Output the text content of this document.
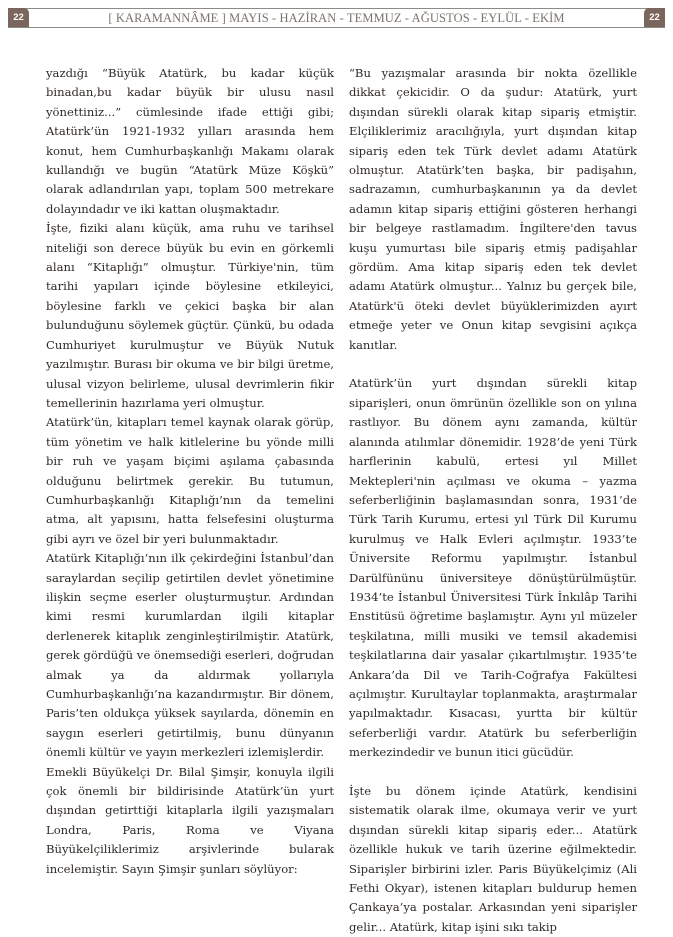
22	[ KARAMANNÂME ] MAYIS - HAZİRAN - TEMMUZ - AĞUSTOS - EYLÜL - EKİM	22

yazdığı “Büyük Atatürk, bu kadar küçük binadan,bu kadar büyük bir ulusu nasıl yönettiniz...” cümlesinde ifade ettiği gibi; Atatürk’ün 1921-1932 yılları arasında hem konut, hem Cumhurbaşkanlığı Makamı olarak kullandığı ve bugün “Atatürk Müze Köşkü” olarak adlandırılan yapı, toplam 500 metrekare dolayındadır ve iki kattan oluşmaktadır.

İşte, fiziki alanı küçük, ama ruhu ve tarihsel niteliği son derece büyük bu evin en görkemli alanı “Kitaplığı” olmuştur. Türkiye'nin, tüm tarihi yapıları içinde böylesine etkileyici, böylesine farklı ve çekici başka bir alan bulunduğunu söylemek güçtür. Çünkü, bu odada Cumhuriyet kurulmuştur ve Büyük Nutuk yazılmıştır. Burası bir okuma ve bir bilgi üretme, ulusal vizyon belirleme, ulusal devrimlerin fikir temellerinin hazırlama yeri olmuştur.

Atatürk’ün, kitapları temel kaynak olarak görüp, tüm yönetim ve halk kitlelerine bu yönde milli bir ruh ve yaşam biçimi aşılama çabasında olduğunu belirtmek gerekir. Bu tutumun, Cumhurbaşkanlığı Kitaplığı’nın da temelini atma, alt yapısını, hatta felsefesini oluşturma gibi ayrı ve özel bir yeri bulunmaktadır.

Atatürk Kitaplığı’nın ilk çekirdeğini İstanbul’dan saraylardan seçilip getirtilen devlet yönetimine ilişkin seçme eserler oluşturmuştur. Ardından kimi resmi kurumlardan ilgili kitaplar derlenerek kitaplık zenginleştirilmiştir. Atatürk, gerek gördüğü ve önemsediği eserleri, doğrudan almak ya da aldırmak yollarıyla Cumhurbaşkanlığı’na kazandırmıştır. Bir dönem, Paris’ten oldukça yüksek sayılarda, dönemin en saygın eserleri getirtilmiş, bunu dünyanın önemli kültür ve yayın merkezleri izlemişlerdir.

Emekli Büyükelçi Dr. Bilal Şimşir, konuyla ilgili çok önemli bir bildirisinde Atatürk’ün yurt dışından getirttiği kitaplarla ilgili yazışmaları Londra, Paris, Roma ve Viyana Büyükelçiliklerimiz arşivlerinde bularak incelemiştir. Sayın Şimşir şunları söylüyor:

“Bu yazışmalar arasında bir nokta özellikle dikkat çekicidir. O da şudur: Atatürk, yurt dışından sürekli olarak kitap sipariş etmiştir. Elçiliklerimiz aracılığıyla, yurt dışından kitap sipariş eden tek Türk devlet adamı Atatürk olmuştur. Atatürk’ten başka, bir padişahın, sadrazamın, cumhurbaşkanının ya da devlet adamın kitap sipariş ettiğini gösteren herhangi bir belgeye rastlamadım. İngiltere'den tavus kuşu yumurtası bile sipariş etmiş padişahlar gördüm. Ama kitap sipariş eden tek devlet adamı Atatürk olmuştur... Yalnız bu gerçek bile, Atatürk'ü öteki devlet büyüklerimizden ayırt etmeğe yeter ve Onun kitap sevgisini açıkça kanıtlar.

Atatürk’ün yurt dışından sürekli kitap siparişleri, onun ömrünün özellikle son on yılına rastlıyor. Bu dönem aynı zamanda, kültür alanında atılımlar dönemidir. 1928’de yeni Türk harflerinin kabulü, ertesi yıl Millet Mektepleri'nin açılması ve okuma – yazma seferberliğinin başlamasından sonra, 1931’de Türk Tarih Kurumu, ertesi yıl Türk Dil Kurumu kurulmuş ve Halk Evleri açılmıştır. 1933’te Üniversite Reformu yapılmıştır. İstanbul Darülfününu üniversiteye dönüştürülmüştür. 1934’te İstanbul Üniversitesi Türk İnkılâp Tarihi Enstitüsü öğretime başlamıştır. Aynı yıl müzeler teşkilatına, milli musiki ve temsil akademisi teşkilatlarına dair yasalar çıkartılmıştır. 1935’te Ankara’da Dil ve Tarih-Coğrafya Fakültesi açılmıştır. Kurultaylar toplanmakta, araştırmalar yapılmaktadır. Kısacası, yurtta bir kültür seferberliği vardır. Atatürk bu seferberliğin merkezindedir ve bunun itici gücüdür.

İşte bu dönem içinde Atatürk, kendisini sistematik olarak ilme, okumaya verir ve yurt dışından sürekli kitap sipariş eder... Atatürk özellikle hukuk ve tarih üzerine eğilmektedir. Siparişler birbirini izler. Paris Büyükelçimiz (Ali Fethi Okyar), istenen kitapları buldurup hemen Çankaya’ya postalar. Arkasından yeni siparişler gelir... Atatürk, kitap işini sıkı takip
